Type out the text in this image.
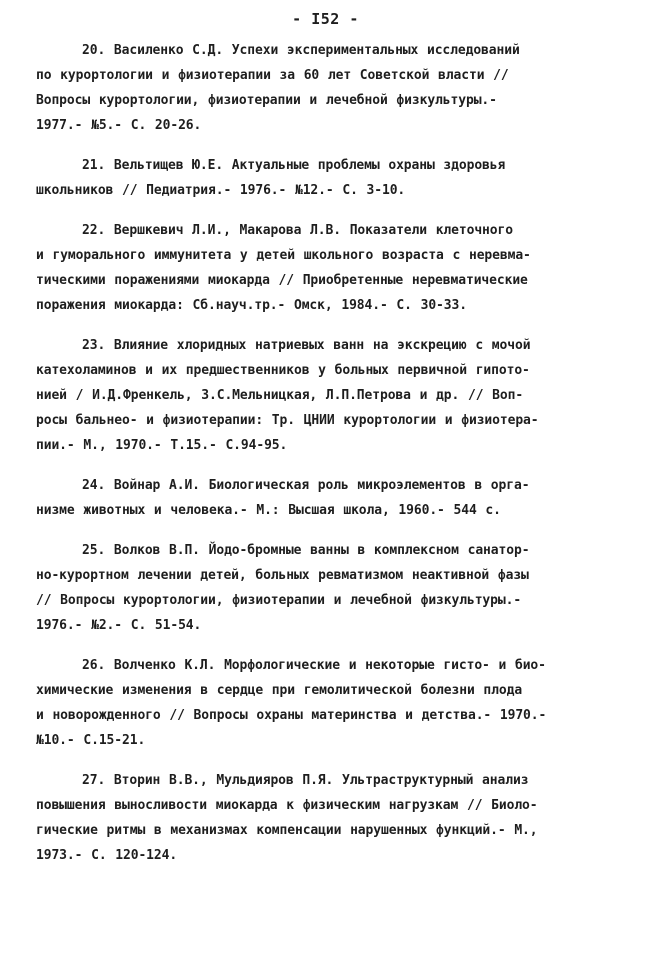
- I52 -
20. Василенко С.Д. Успехи экспериментальных исследований
по курортологии и физиотерапии за 60 лет Советской власти //
Вопросы курортологии, физиотерапии и лечебной физкультуры.-
1977.- №5.- С. 20-26.
21. Вельтищев Ю.Е. Актуальные проблемы охраны здоровья
школьников // Педиатрия.- 1976.- №12.- С. 3-10.
22. Вершкевич Л.И., Макарова Л.В. Показатели клеточного
и гуморального иммунитета у детей школьного возраста с неревма-
тическими поражениями миокарда // Приобретенные неревматические
поражения миокарда: Сб.науч.тр.- Омск, 1984.- С. 30-33.
23. Влияние хлоридных натриевых ванн на экскрецию с мочой
катехоламинов и их предшественников у больных первичной гипото-
нией / И.Д.Френкель, З.С.Мельницкая, Л.П.Петрова и др. // Воп-
росы бальнео- и физиотерапии: Тр. ЦНИИ курортологии и физиотера-
пии.- М., 1970.- Т.15.- С.94-95.
24. Войнар А.И. Биологическая роль микроэлементов в орга-
низме животных и человека.- М.: Высшая школа, 1960.- 544 с.
25. Волков В.П. Йодо-бромные ванны в комплексном санатор-
но-курортном лечении детей, больных ревматизмом неактивной фазы
// Вопросы курортологии, физиотерапии и лечебной физкультуры.-
1976.- №2.- С. 51-54.
26. Волченко К.Л. Морфологические и некоторые гисто- и био-
химические изменения в сердце при гемолитической болезни плода
и новорожденного // Вопросы охраны материнства и детства.- 1970.-
№10.- С.15-21.
27. Вторин В.В., Мульдияров П.Я. Ультраструктурный анализ
повышения выносливости миокарда к физическим нагрузкам // Биоло-
гические ритмы в механизмах компенсации нарушенных функций.- М.,
1973.- С. 120-124.
